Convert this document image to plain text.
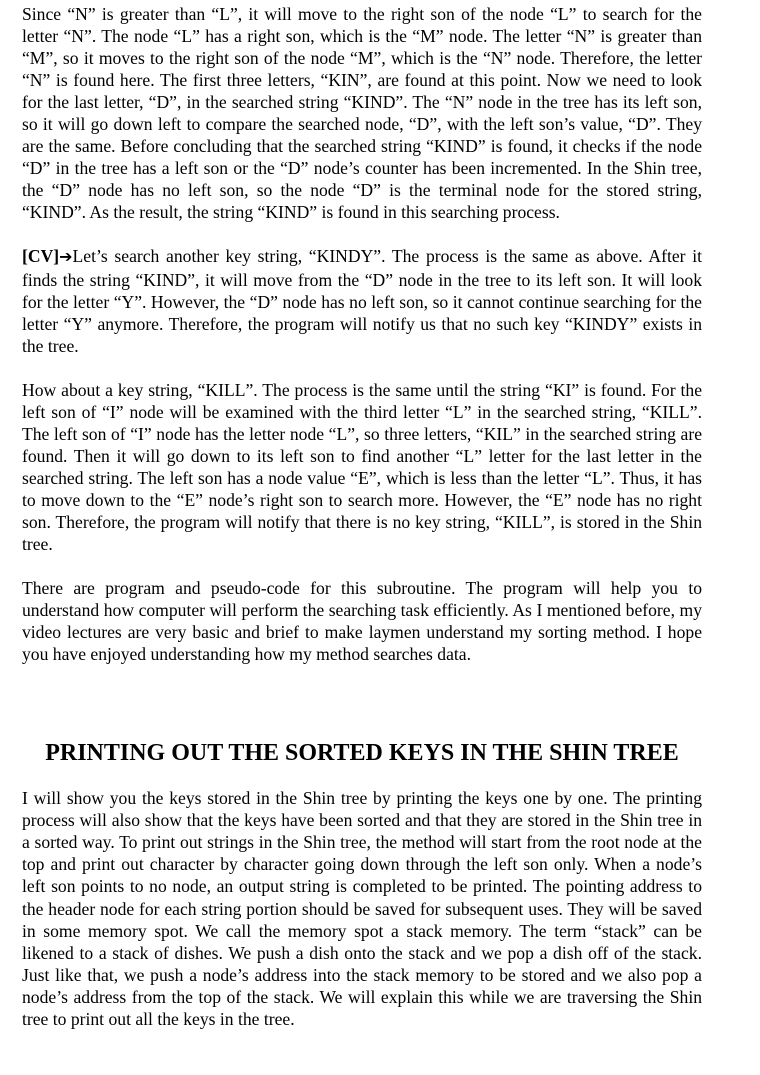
Since “N” is greater than “L”, it will move to the right son of the node “L” to search for the letter “N”. The node “L” has a right son, which is the “M” node. The letter “N” is greater than “M”, so it moves to the right son of the node “M”, which is the “N” node. Therefore, the letter “N” is found here. The first three letters, “KIN”, are found at this point. Now we need to look for the last letter, “D”, in the searched string “KIND”. The “N” node in the tree has its left son, so it will go down left to compare the searched node, “D”, with the left son’s value, “D”. They are the same. Before concluding that the searched string “KIND” is found, it checks if the node “D” in the tree has a left son or the “D” node’s counter has been incremented. In the Shin tree, the “D” node has no left son, so the node “D” is the terminal node for the stored string, “KIND”. As the result, the string “KIND” is found in this searching process.

[CV]➔Let’s search another key string, “KINDY”. The process is the same as above. After it finds the string “KIND”, it will move from the “D” node in the tree to its left son. It will look for the letter “Y”. However, the “D” node has no left son, so it cannot continue searching for the letter “Y” anymore. Therefore, the program will notify us that no such key “KINDY” exists in the tree.

How about a key string, “KILL”. The process is the same until the string “KI” is found. For the left son of “I” node will be examined with the third letter “L” in the searched string, “KILL”. The left son of “I” node has the letter node “L”, so three letters, “KIL” in the searched string are found. Then it will go down to its left son to find another “L” letter for the last letter in the searched string. The left son has a node value “E”, which is less than the letter “L”. Thus, it has to move down to the “E” node’s right son to search more. However, the “E” node has no right son. Therefore, the program will notify that there is no key string, “KILL”, is stored in the Shin tree.

There are program and pseudo-code for this subroutine. The program will help you to understand how computer will perform the searching task efficiently. As I mentioned before, my video lectures are very basic and brief to make laymen understand my sorting method. I hope you have enjoyed understanding how my method searches data.

PRINTING OUT THE SORTED KEYS IN THE SHIN TREE

I will show you the keys stored in the Shin tree by printing the keys one by one. The printing process will also show that the keys have been sorted and that they are stored in the Shin tree in a sorted way. To print out strings in the Shin tree, the method will start from the root node at the top and print out character by character going down through the left son only. When a node’s left son points to no node, an output string is completed to be printed. The pointing address to the header node for each string portion should be saved for subsequent uses. They will be saved in some memory spot. We call the memory spot a stack memory. The term “stack” can be likened to a stack of dishes. We push a dish onto the stack and we pop a dish off of the stack. Just like that, we push a node’s address into the stack memory to be stored and we also pop a node’s address from the top of the stack. We will explain this while we are traversing the Shin tree to print out all the keys in the tree.
